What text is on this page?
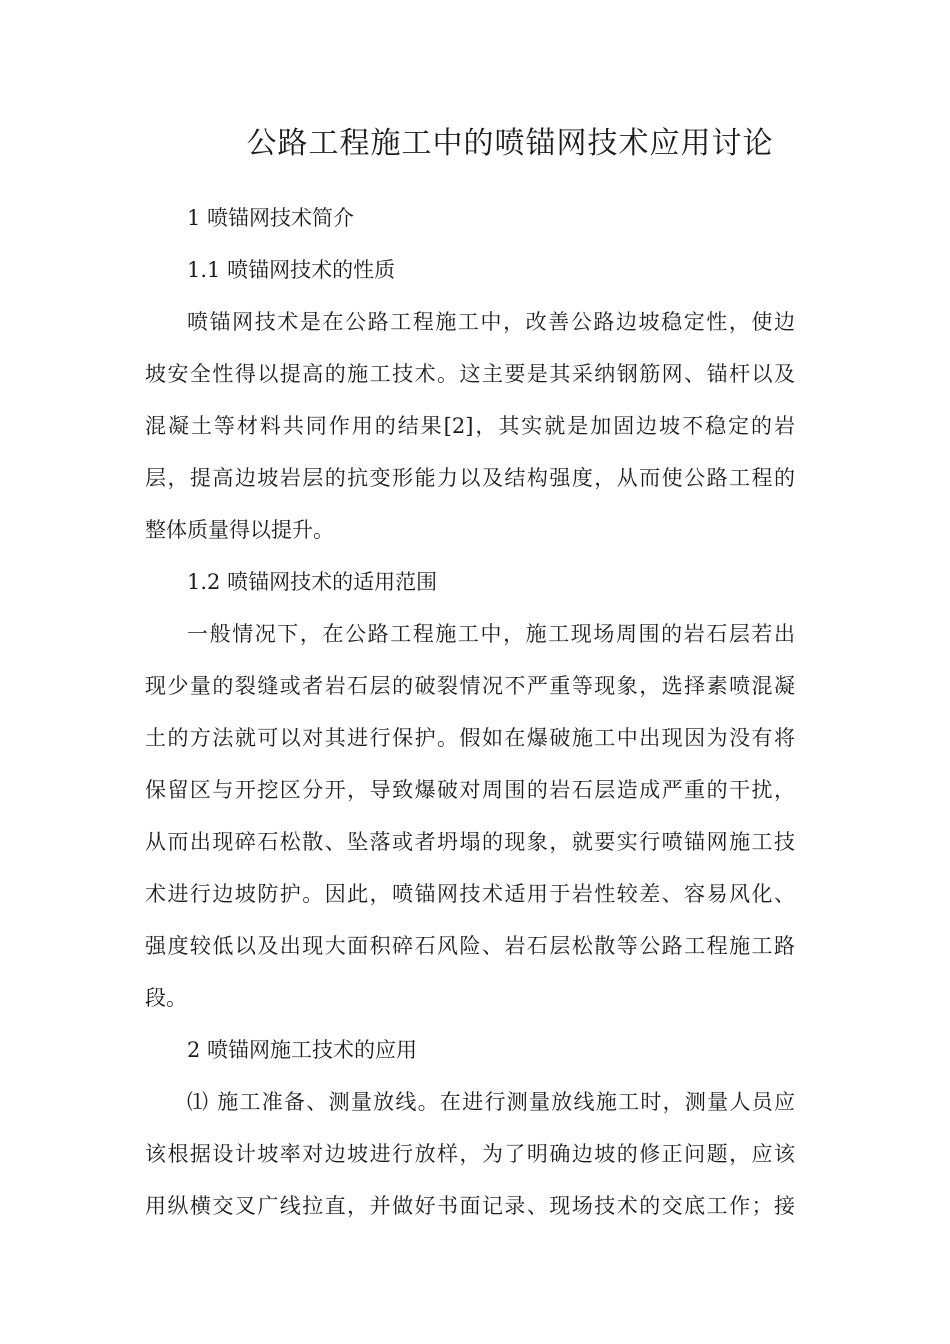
公路工程施工中的喷锚网技术应用讨论

1 喷锚网技术简介

1.1 喷锚网技术的性质

喷锚网技术是在公路工程施工中，改善公路边坡稳定性，使边

坡安全性得以提高的施工技术。这主要是其采纳钢筋网、锚杆以及

混凝土等材料共同作用的结果[2]，其实就是加固边坡不稳定的岩

层，提高边坡岩层的抗变形能力以及结构强度，从而使公路工程的

整体质量得以提升。

1.2 喷锚网技术的适用范围

一般情况下，在公路工程施工中，施工现场周围的岩石层若出

现少量的裂缝或者岩石层的破裂情况不严重等现象，选择素喷混凝

土的方法就可以对其进行保护。假如在爆破施工中出现因为没有将

保留区与开挖区分开，导致爆破对周围的岩石层造成严重的干扰，

从而出现碎石松散、坠落或者坍塌的现象，就要实行喷锚网施工技

术进行边坡防护。因此，喷锚网技术适用于岩性较差、容易风化、

强度较低以及出现大面积碎石风险、岩石层松散等公路工程施工路

段。

2 喷锚网施工技术的应用

⑴ 施工准备、测量放线。在进行测量放线施工时，测量人员应

该根据设计坡率对边坡进行放样，为了明确边坡的修正问题，应该

用纵横交叉广线拉直，并做好书面记录、现场技术的交底工作；接
